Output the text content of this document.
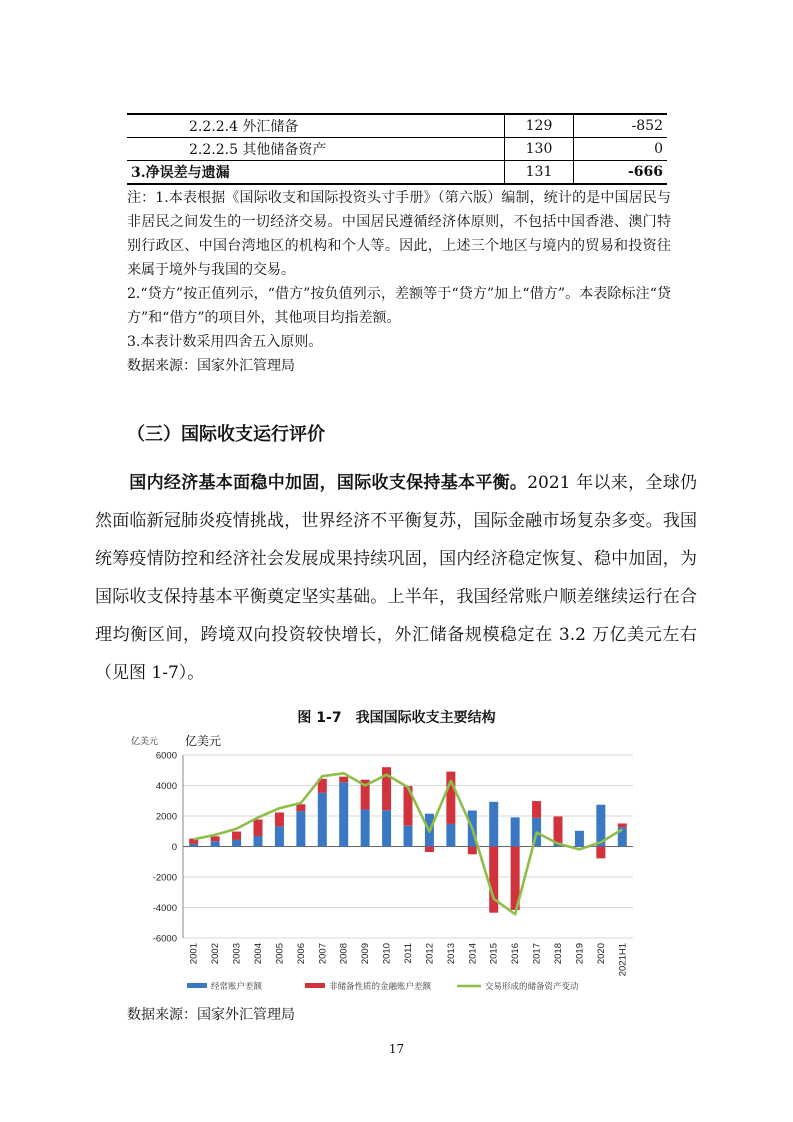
2.2.2.4 外汇储备	129	-852
2.2.2.5 其他储备资产	130	0
3.净误差与遗漏	131	-666

注：1.本表根据《国际收支和国际投资头寸手册》（第六版）编制，统计的是中国居民与非居民之间发生的一切经济交易。中国居民遵循经济体原则，不包括中国香港、澳门特别行政区、中国台湾地区的机构和个人等。因此，上述三个地区与境内的贸易和投资往来属于境外与我国的交易。

2.“贷方”按正值列示，“借方”按负值列示，差额等于“贷方”加上“借方”。本表除标注“贷方”和“借方”的项目外，其他项目均指差额。

3.本表计数采用四舍五入原则。

数据来源：国家外汇管理局

（三）国际收支运行评价

国内经济基本面稳中加固，国际收支保持基本平衡。2021 年以来，全球仍然面临新冠肺炎疫情挑战，世界经济不平衡复苏，国际金融市场复杂多变。我国统筹疫情防控和经济社会发展成果持续巩固，国内经济稳定恢复、稳中加固，为国际收支保持基本平衡奠定坚实基础。上半年，我国经常账户顺差继续运行在合理均衡区间，跨境双向投资较快增长，外汇储备规模稳定在 3.2 万亿美元左右（见图 1-7）。

图 1-7　我国国际收支主要结构
-6000
-4000
-2000
0
2000
4000
6000
2001 2002 2003 2004 2005 2006 2007 2008 2009 2010 2011 2012 2013 2014 2015 2016 2017 2018 2019 2020 2021H1
经常账户差额	非储备性质的金融账户差额	交易形成的储备资产变动
亿美元 亿美元
数据来源：国家外汇管理局
17
